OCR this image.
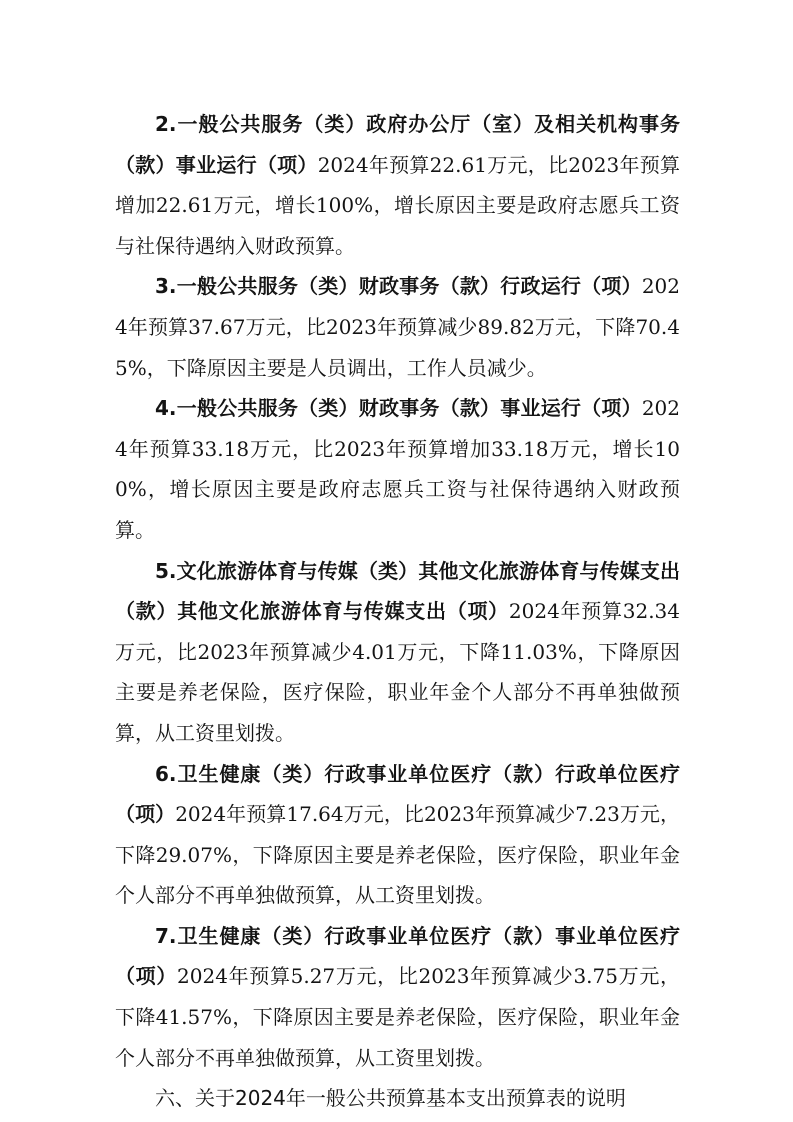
2.一般公共服务（类）政府办公厅（室）及相关机构事务（款）事业运行（项）2024年预算22.61万元，比2023年预算增加22.61万元，增长100%，增长原因主要是政府志愿兵工资与社保待遇纳入财政预算。

3.一般公共服务（类）财政事务（款）行政运行（项）2024年预算37.67万元，比2023年预算减少89.82万元，下降70.45%，下降原因主要是人员调出，工作人员减少。

4.一般公共服务（类）财政事务（款）事业运行（项）2024年预算33.18万元，比2023年预算增加33.18万元，增长100%，增长原因主要是政府志愿兵工资与社保待遇纳入财政预算。

5.文化旅游体育与传媒（类）其他文化旅游体育与传媒支出（款）其他文化旅游体育与传媒支出（项）2024年预算32.34万元，比2023年预算减少4.01万元，下降11.03%，下降原因主要是养老保险，医疗保险，职业年金个人部分不再单独做预算，从工资里划拨。

6.卫生健康（类）行政事业单位医疗（款）行政单位医疗（项）2024年预算17.64万元，比2023年预算减少7.23万元，下降29.07%，下降原因主要是养老保险，医疗保险，职业年金个人部分不再单独做预算，从工资里划拨。

7.卫生健康（类）行政事业单位医疗（款）事业单位医疗（项）2024年预算5.27万元，比2023年预算减少3.75万元，下降41.57%，下降原因主要是养老保险，医疗保险，职业年金个人部分不再单独做预算，从工资里划拨。

六、关于2024年一般公共预算基本支出预算表的说明
